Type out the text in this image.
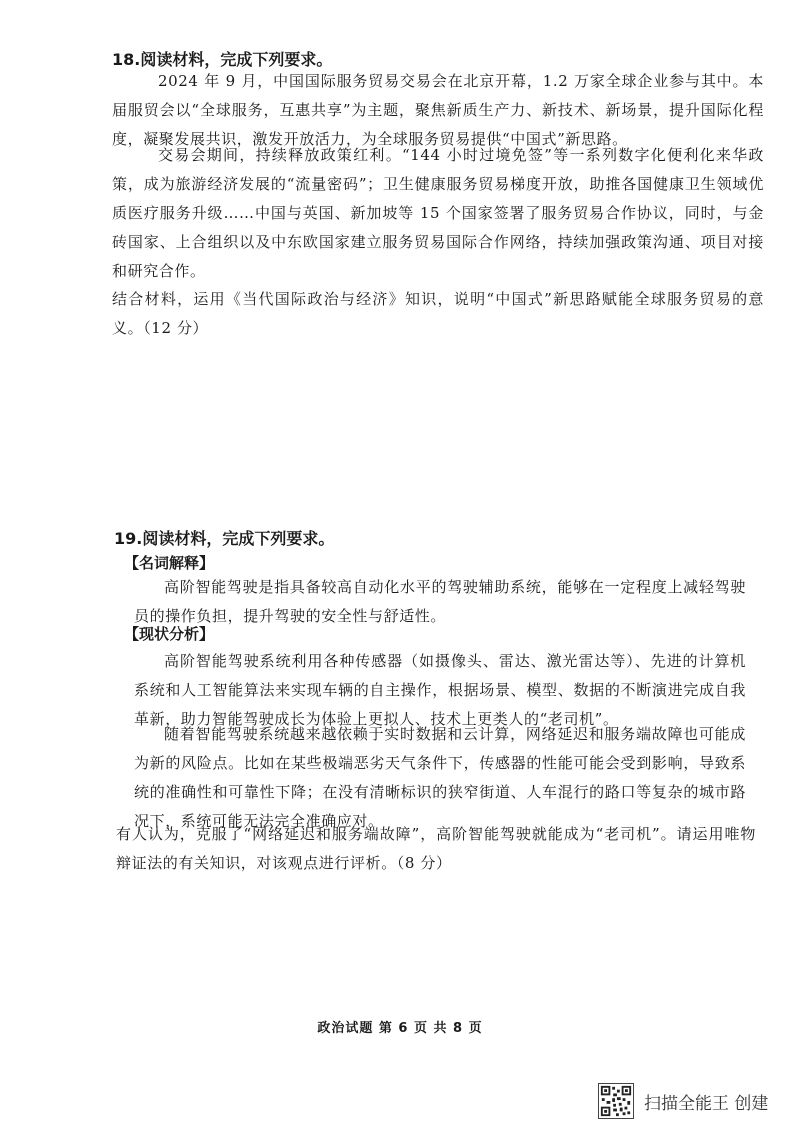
18.阅读材料，完成下列要求。

2024 年 9 月，中国国际服务贸易交易会在北京开幕，1.2 万家全球企业参与其中。本届服贸会以“全球服务，互惠共享”为主题，聚焦新质生产力、新技术、新场景，提升国际化程度，凝聚发展共识，激发开放活力，为全球服务贸易提供“中国式”新思路。

交易会期间，持续释放政策红利。“144 小时过境免签”等一系列数字化便利化来华政策，成为旅游经济发展的“流量密码”；卫生健康服务贸易梯度开放，助推各国健康卫生领域优质医疗服务升级……中国与英国、新加坡等 15 个国家签署了服务贸易合作协议，同时，与金砖国家、上合组织以及中东欧国家建立服务贸易国际合作网络，持续加强政策沟通、项目对接和研究合作。

结合材料，运用《当代国际政治与经济》知识，说明“中国式”新思路赋能全球服务贸易的意义。（12 分）

19.阅读材料，完成下列要求。

【名词解释】

高阶智能驾驶是指具备较高自动化水平的驾驶辅助系统，能够在一定程度上减轻驾驶员的操作负担，提升驾驶的安全性与舒适性。

【现状分析】

高阶智能驾驶系统利用各种传感器（如摄像头、雷达、激光雷达等）、先进的计算机系统和人工智能算法来实现车辆的自主操作，根据场景、模型、数据的不断演进完成自我革新，助力智能驾驶成长为体验上更拟人、技术上更类人的“老司机”。

随着智能驾驶系统越来越依赖于实时数据和云计算，网络延迟和服务端故障也可能成为新的风险点。比如在某些极端恶劣天气条件下，传感器的性能可能会受到影响，导致系统的准确性和可靠性下降；在没有清晰标识的狭窄街道、人车混行的路口等复杂的城市路况下，系统可能无法完全准确应对。

有人认为，克服了“网络延迟和服务端故障”，高阶智能驾驶就能成为“老司机”。请运用唯物辩证法的有关知识，对该观点进行评析。（8 分）

政治试题 第 6 页 共 8 页
扫描全能王 创建
